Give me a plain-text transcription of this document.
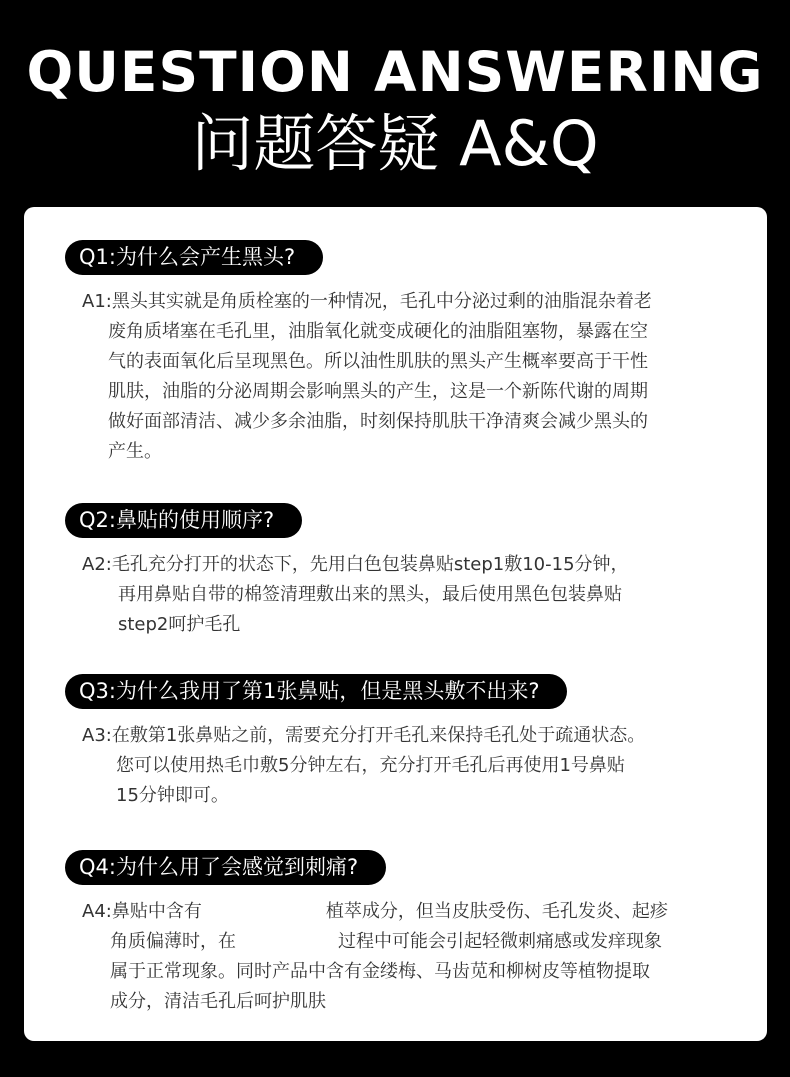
QUESTION ANSWERING
问题答疑 A&Q
Q1:为什么会产生黑头?
A1:黑头其实就是角质栓塞的一种情况，毛孔中分泌过剩的油脂混杂着老
废角质堵塞在毛孔里，油脂氧化就变成硬化的油脂阻塞物，暴露在空
气的表面氧化后呈现黑色。所以油性肌肤的黑头产生概率要高于干性
肌肤，油脂的分泌周期会影响黑头的产生，这是一个新陈代谢的周期
做好面部清洁、减少多余油脂，时刻保持肌肤干净清爽会减少黑头的
产生。
Q2:鼻贴的使用顺序?
A2:毛孔充分打开的状态下，先用白色包装鼻贴step1敷10-15分钟，
再用鼻贴自带的棉签清理敷出来的黑头，最后使用黑色包装鼻贴
step2呵护毛孔
Q3:为什么我用了第1张鼻贴，但是黑头敷不出来?
A3:在敷第1张鼻贴之前，需要充分打开毛孔来保持毛孔处于疏通状态。
您可以使用热毛巾敷5分钟左右，充分打开毛孔后再使用1号鼻贴
15分钟即可。
Q4:为什么用了会感觉到刺痛?
A4:鼻贴中含有	植萃成分，但当皮肤受伤、毛孔发炎、起疹
角质偏薄时，在	过程中可能会引起轻微刺痛感或发痒现象
属于正常现象。同时产品中含有金缕梅、马齿苋和柳树皮等植物提取
成分，清洁毛孔后呵护肌肤
